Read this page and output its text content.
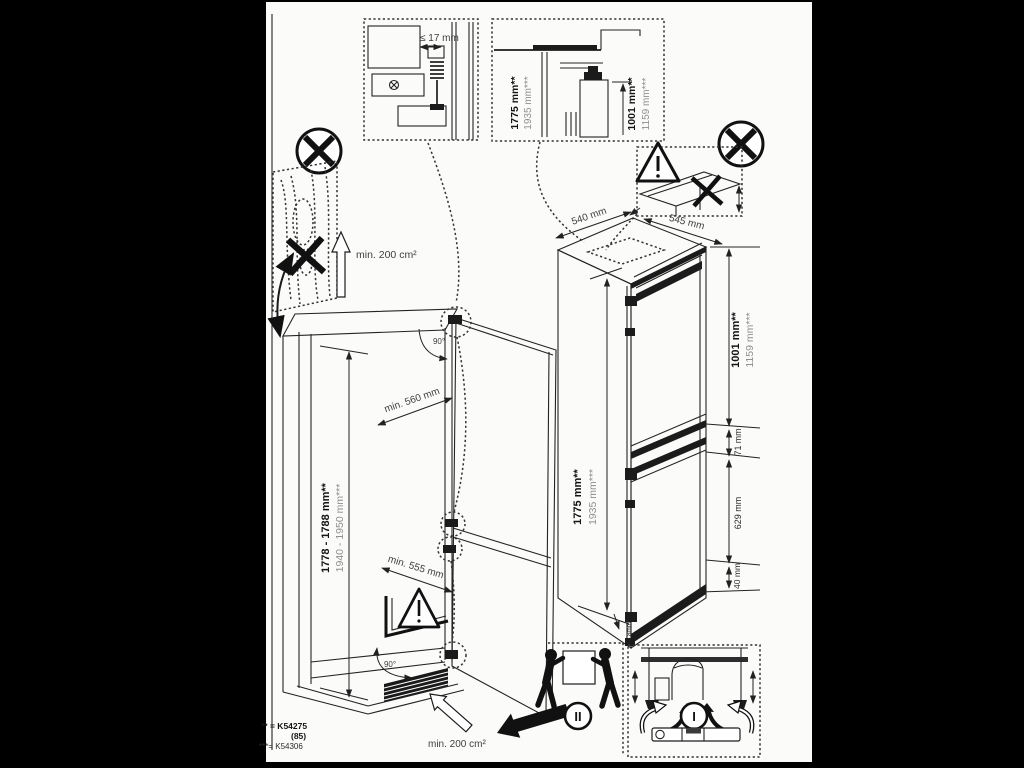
≤ 17 mm
1775 mm** 1935 mm***	1001 mm** 1159 mm***
min. 200 cm²
1778 - 1788 mm** 1940 - 1950 mm***
min. 560 mm
min. 555 mm
90°
90°
min. 200 cm²
540 mm	545 mm
1775 mm** 1935 mm***
8mm
1001 mm** 1159 mm***
71 mm
629 mm
40 mm
II	I
** = K54275
(85)
***= K54306
